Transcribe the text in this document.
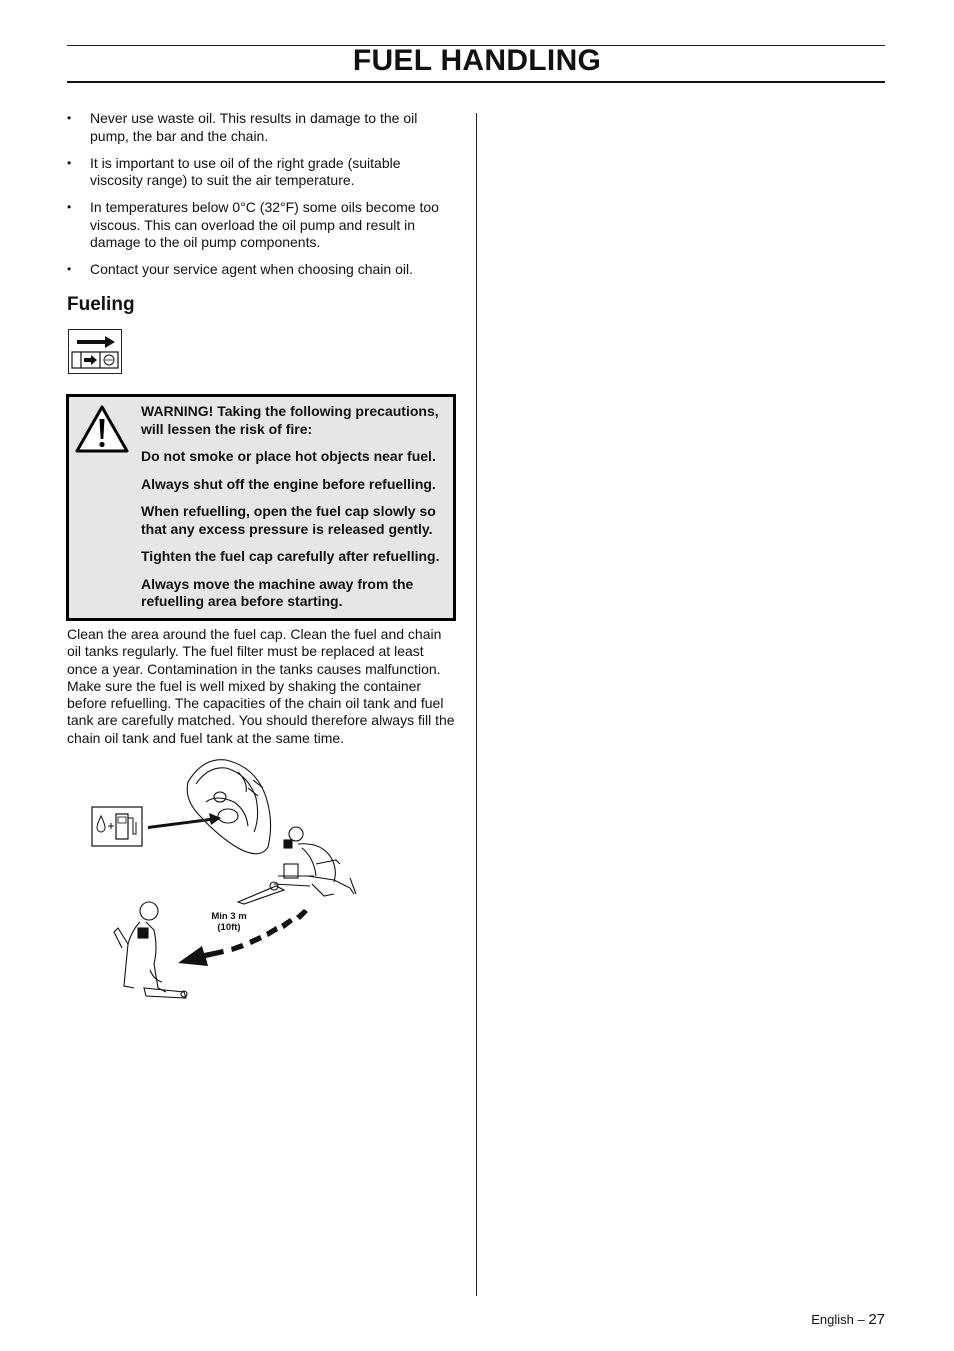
FUEL HANDLING
• Never use waste oil. This results in damage to the oil pump, the bar and the chain.
• It is important to use oil of the right grade (suitable viscosity range) to suit the air temperature.
• In temperatures below 0°C (32°F) some oils become too viscous. This can overload the oil pump and result in damage to the oil pump components.
• Contact your service agent when choosing chain oil.
Fueling

WARNING! Taking the following precautions, will lessen the risk of fire:

Do not smoke or place hot objects near fuel.

Always shut off the engine before refuelling.

When refuelling, open the fuel cap slowly so that any excess pressure is released gently.

Tighten the fuel cap carefully after refuelling.

Always move the machine away from the refuelling area before starting.

Clean the area around the fuel cap. Clean the fuel and chain oil tanks regularly. The fuel filter must be replaced at least once a year. Contamination in the tanks causes malfunction. Make sure the fuel is well mixed by shaking the container before refuelling. The capacities of the chain oil tank and fuel tank are carefully matched. You should therefore always fill the chain oil tank and fuel tank at the same time.

Min 3 m
(10ft)
English – 27
